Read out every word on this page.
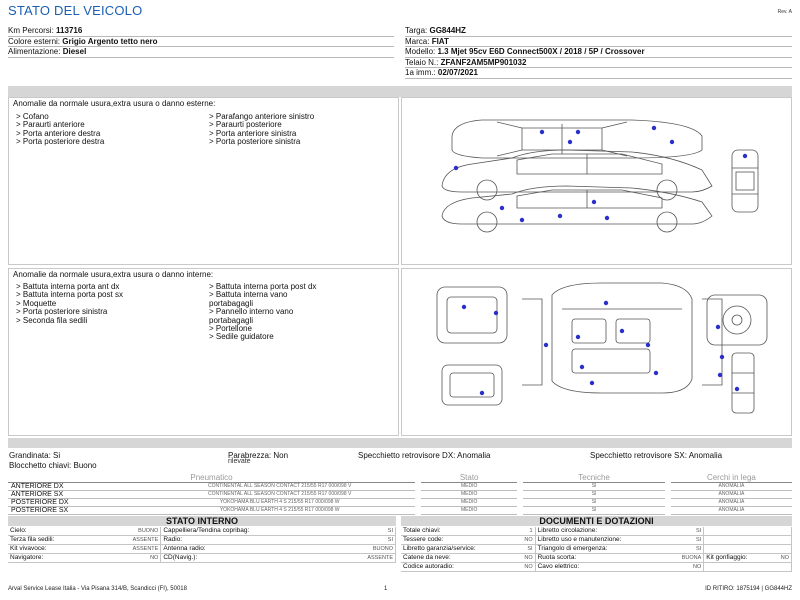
STATO DEL VEICOLO	Rev. A
Km Percorsi: 113716
Colore esterni: Grigio Argento tetto nero
Alimentazione: Diesel
Targa: GG844HZ
Marca: FIAT
Modello: 1.3 Mjet 95cv E6D Connect500X / 2018 / 5P / Crossover
Telaio N.: ZFANF2AM5MP901032
1a imm.: 02/07/2021
Anomalie da normale usura,extra usura o danno esterne:
> Cofano
> Paraurti anteriore
> Porta anteriore destra
> Porta posteriore destra
> Parafango anteriore sinistro
> Paraurti posteriore
> Porta anteriore sinistra
> Porta posteriore sinistra
Anomalie da normale usura,extra usura o danno interne:
> Battuta interna porta ant dx
> Battuta interna porta post sx
> Moquette
> Porta posteriore sinistra
> Seconda fila sedili
> Battuta interna porta post dx
> Battuta interna vano
portabagagli
> Pannello interno vano
portabagagli
> Portellone
> Sedile guidatore
Grandinata: Si	Parabrezza: Non
rilevate
Specchietto retrovisore DX: Anomalia	Specchietto retrovisore SX: Anomalia
Blocchetto chiavi: Buono
Pneumatico			Stato		Tecniche		Cerchi in lega
ANTERIORE DX	CONTINENTAL ALL SEASON CONTACT 215/55 R17 000/098 V		MEDIO		SI		ANOMALIA
ANTERIORE SX	CONTINENTAL ALL SEASON CONTACT 215/55 R17 000/098 V		MEDIO		SI		ANOMALIA
POSTERIORE DX	YOKOHAMA BLU EARTH 4 S 215/55 R17 000/098 W		MEDIO		SI		ANOMALIA
POSTERIORE SX	YOKOHAMA BLU EARTH 4 S 215/55 R17 000/098 W		MEDIO		SI		ANOMALIA
STATO INTERNO
Cielo:	BUONO	Cappelliera/Tendina copribag:	SI
Terza fila sedili:	ASSENTE	Radio:	SI
Kit vivavoce:	ASSENTE	Antenna radio:	BUONO
Navigatore:	NO	CD(Navig.):	ASSENTE
DOCUMENTI E DOTAZIONI
Totale chiavi:	1	Libretto circolazione:	SI		
Tessere code:	NO	Libretto uso e manutenzione:	SI		
Libretto garanzia/service:	SI	Triangolo di emergenza:	SI		
Catene da neve:	NO	Ruota scorta:	BUONA	Kit gonfiaggio:	NO
Codice autoradio:	NO	Cavo elettrico:	NO		
Arval Service Lease Italia - Via Pisana 314/B, Scandicci (FI), 50018	1	ID RITIRO: 1875194 | GG844HZ
